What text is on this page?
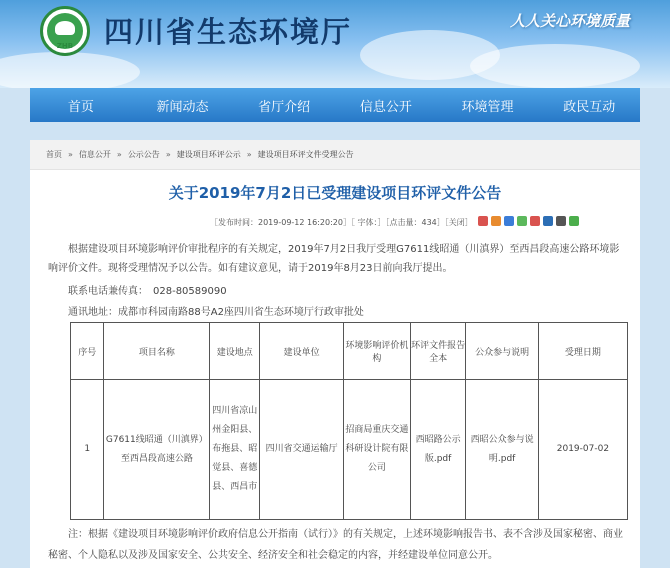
ZHB	四川省生态环境厅	人人关心环境质量
首页	新闻动态	省厅介绍	信息公开	环境管理	政民互动
首页 » 信息公开 » 公示公告 » 建设项目环评公示 » 建设项目环评文件受理公告
关于2019年7月2日已受理建设项目环评文件公告
［发布时间：2019-09-12 16:20:20］［ 字体：］［点击量：434］［关闭］
根据建设项目环境影响评价审批程序的有关规定，2019年7月2日我厅受理G7611线昭通（川滇界）至西昌段高速公路环境影响评价文件。现将受理情况予以公告。如有建议意见，请于2019年8月23日前向我厅提出。
联系电话兼传真：　028-80589090
通讯地址：成都市科园南路88号A2座四川省生态环境厅行政审批处
序号	项目名称	建设地点	建设单位	环境影响评价机构	环评文件报告全本	公众参与说明	受理日期
1	G7611线昭通（川滇界）至西昌段高速公路	四川省凉山州金阳县、布拖县、昭觉县、喜德县、西昌市	四川省交通运输厅	招商局重庆交通科研设计院有限公司	西昭路公示版.pdf	西昭公众参与说明.pdf	2019-07-02
注：根据《建设项目环境影响评价政府信息公开指南（试行）》的有关规定，上述环境影响报告书、表不含涉及国家秘密、商业秘密、个人隐私以及涉及国家安全、公共安全、经济安全和社会稳定的内容，并经建设单位同意公开。
